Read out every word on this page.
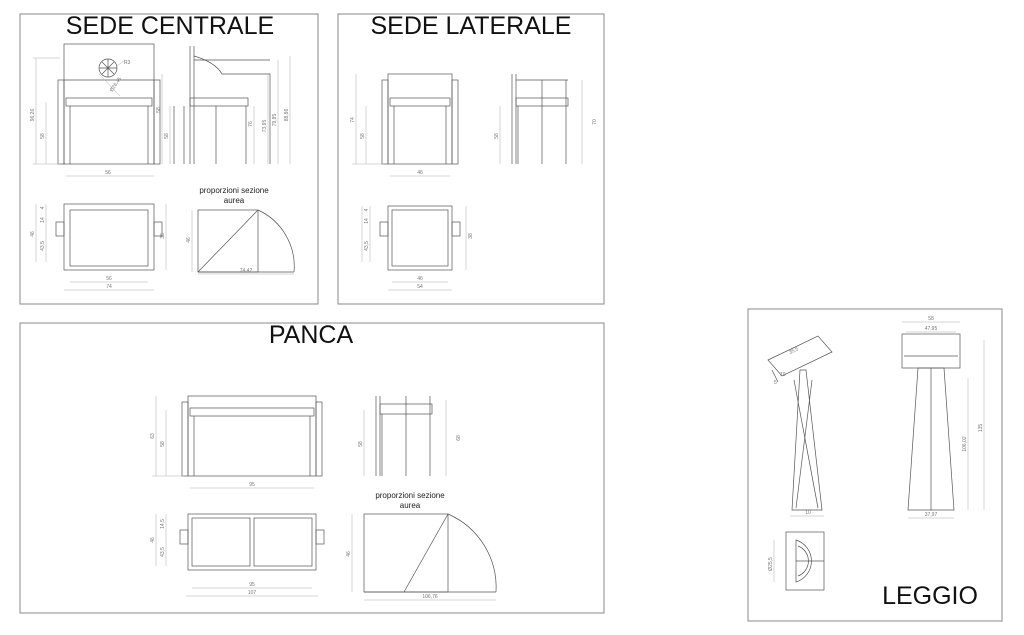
SEDE CENTRALE
R3
Ø26,45
96,26
58
56
58
58
76 73,95 79,85 88,86
46
4
14
43,5
38
56
74
proporzioni sezione
aurea
46
74,42
SEDE LATERALE
74
58
46
58
70
4
14
43,5
38
46
54
PANCA
63
58
95
58
68
46
14,5
43,5
95
107
proporzioni sezione
aurea
46
106,76	LEGGIO
35,5
5
10
10
58
47,95
106,02
135
37,97
Ø25,5
